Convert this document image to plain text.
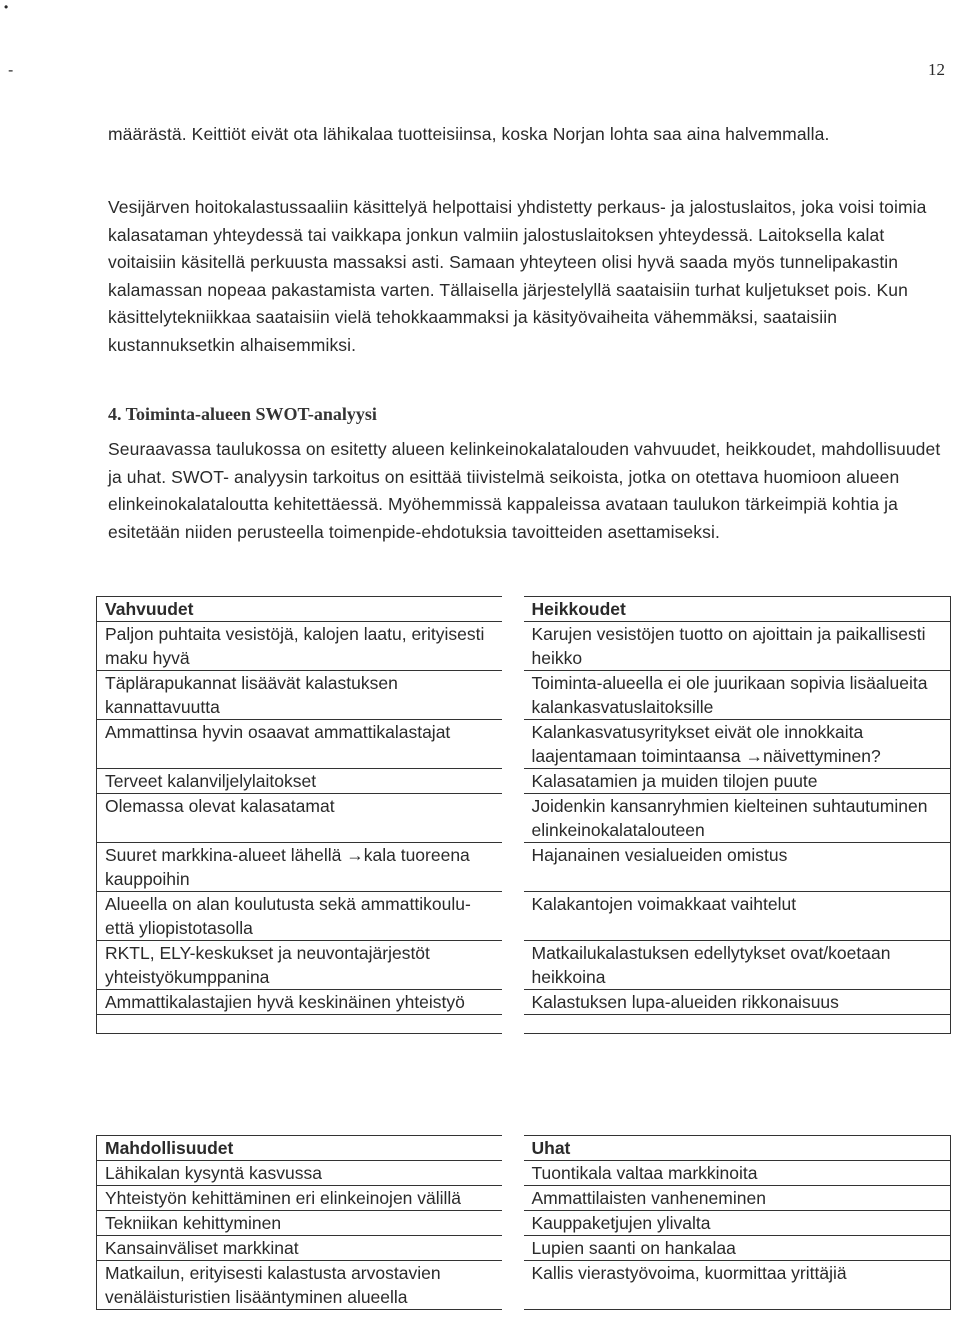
12
-
•

määrästä. Keittiöt eivät ota lähikalaa tuotteisiinsa, koska Norjan lohta saa aina halvemmalla.

Vesijärven hoitokalastussaaliin käsittelyä helpottaisi yhdistetty perkaus- ja jalostuslaitos, joka voisi toimia kalasataman yhteydessä tai vaikkapa jonkun valmiin jalostuslaitoksen yhteydessä. Laitoksella kalat voitaisiin käsitellä perkuusta massaksi asti. Samaan yhteyteen olisi hyvä saada myös tunnelipakastin kalamassan nopeaa pakastamista varten. Tällaisella järjestelyllä saataisiin turhat kuljetukset pois. Kun käsittelytekniikkaa saataisiin vielä tehokkaammaksi ja käsityövaiheita vähemmäksi, saataisiin kustannuksetkin alhaisemmiksi.

4. Toiminta-alueen SWOT-analyysi

Seuraavassa taulukossa on esitetty alueen kelinkeinokalatalouden vahvuudet, heikkoudet, mahdollisuudet ja uhat. SWOT- analyysin tarkoitus on esittää tiivistelmä seikoista, jotka on otettava huomioon alueen elinkeinokalataloutta kehitettäessä. Myöhemmissä kappaleissa avataan taulukon tärkeimpiä kohtia ja esitetään niiden perusteella toimenpide-ehdotuksia tavoitteiden asettamiseksi.

Vahvuudet		Heikkoudet
Paljon puhtaita vesistöjä, kalojen laatu, erityisesti maku hyvä		Karujen vesistöjen tuotto on ajoittain ja paikallisesti heikko
Täplärapukannat lisäävät kalastuksen kannattavuutta		Toiminta-alueella ei ole juurikaan sopivia lisäalueita kalankasvatuslaitoksille
Ammattinsa hyvin osaavat ammattikalastajat		Kalankasvatusyritykset eivät ole innokkaita laajentamaan toimintaansa →näivettyminen?
Terveet kalanviljelylaitokset		Kalasatamien ja muiden tilojen puute
Olemassa olevat kalasatamat		Joidenkin kansanryhmien kielteinen suhtautuminen elinkeinokalatalouteen
Suuret markkina-alueet lähellä →kala tuoreena kauppoihin		Hajanainen vesialueiden omistus
Alueella on alan koulutusta sekä ammattikoulu- että yliopistotasolla		Kalakantojen voimakkaat vaihtelut
RKTL, ELY-keskukset ja neuvontajärjestöt yhteistyökumppanina		Matkailukalastuksen edellytykset ovat/koetaan heikkoina
Ammattikalastajien hyvä keskinäinen yhteistyö		Kalastuksen lupa-alueiden rikkonaisuus

Mahdollisuudet		Uhat
Lähikalan kysyntä kasvussa		Tuontikala valtaa markkinoita
Yhteistyön kehittäminen eri elinkeinojen välillä		Ammattilaisten vanheneminen
Tekniikan kehittyminen		Kauppaketjujen ylivalta
Kansainväliset markkinat		Lupien saanti on hankalaa
Matkailun, erityisesti kalastusta arvostavien venäläisturistien lisääntyminen alueella		Kallis vierastyövoima, kuormittaa yrittäjiä
